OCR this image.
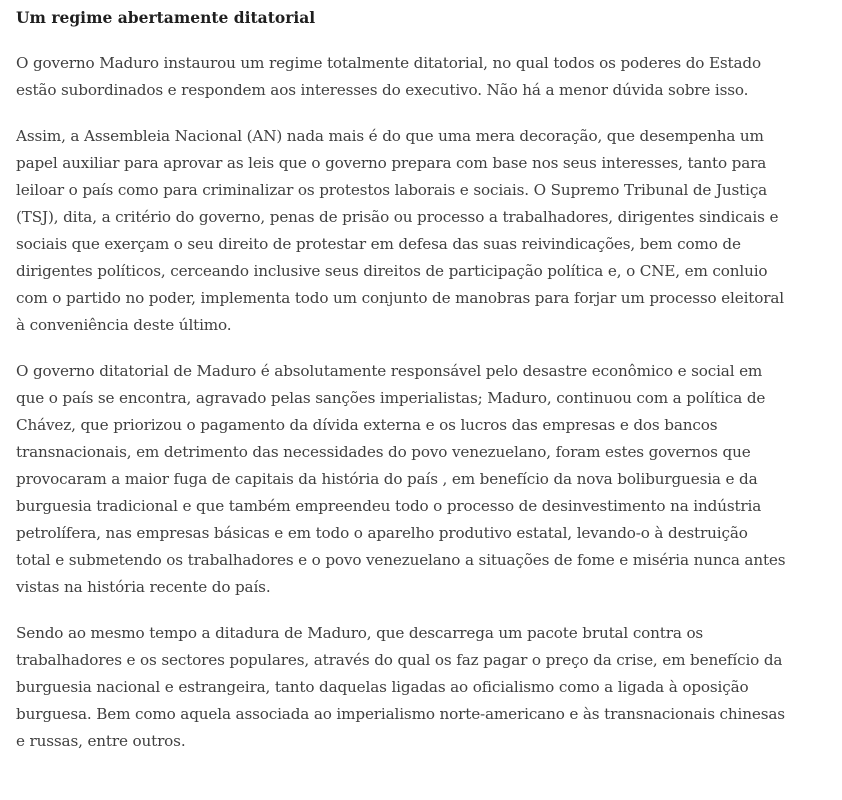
Um regime abertamente ditatorial

O governo Maduro instaurou um regime totalmente ditatorial, no qual todos os poderes do Estado estão subordinados e respondem aos interesses do executivo. Não há a menor dúvida sobre isso.

Assim, a Assembleia Nacional (AN) nada mais é do que uma mera decoração, que desempenha um papel auxiliar para aprovar as leis que o governo prepara com base nos seus interesses, tanto para leiloar o país como para criminalizar os protestos laborais e sociais. O Supremo Tribunal de Justiça (TSJ), dita, a critério do governo, penas de prisão ou processo a trabalhadores, dirigentes sindicais e sociais que exerçam o seu direito de protestar em defesa das suas reivindicações, bem como de dirigentes políticos, cerceando inclusive seus direitos de participação política e, o CNE, em conluio com o partido no poder, implementa todo um conjunto de manobras para forjar um processo eleitoral à conveniência deste último.

O governo ditatorial de Maduro é absolutamente responsável pelo desastre econômico e social em que o país se encontra, agravado pelas sanções imperialistas; Maduro, continuou com a política de Chávez, que priorizou o pagamento da dívida externa e os lucros das empresas e dos bancos transnacionais, em detrimento das necessidades do povo venezuelano, foram estes governos que provocaram a maior fuga de capitais da história do país , em benefício da nova boliburguesia e da burguesia tradicional e que também empreendeu todo o processo de desinvestimento na indústria petrolífera, nas empresas básicas e em todo o aparelho produtivo estatal, levando-o à destruição total e submetendo os trabalhadores e o povo venezuelano a situações de fome e miséria nunca antes vistas na história recente do país.

Sendo ao mesmo tempo a ditadura de Maduro, que descarrega um pacote brutal contra os trabalhadores e os sectores populares, através do qual os faz pagar o preço da crise, em benefício da burguesia nacional e estrangeira, tanto daquelas ligadas ao oficialismo como a ligada à oposição burguesa. Bem como aquela associada ao imperialismo norte-americano e às transnacionais chinesas e russas, entre outros.
